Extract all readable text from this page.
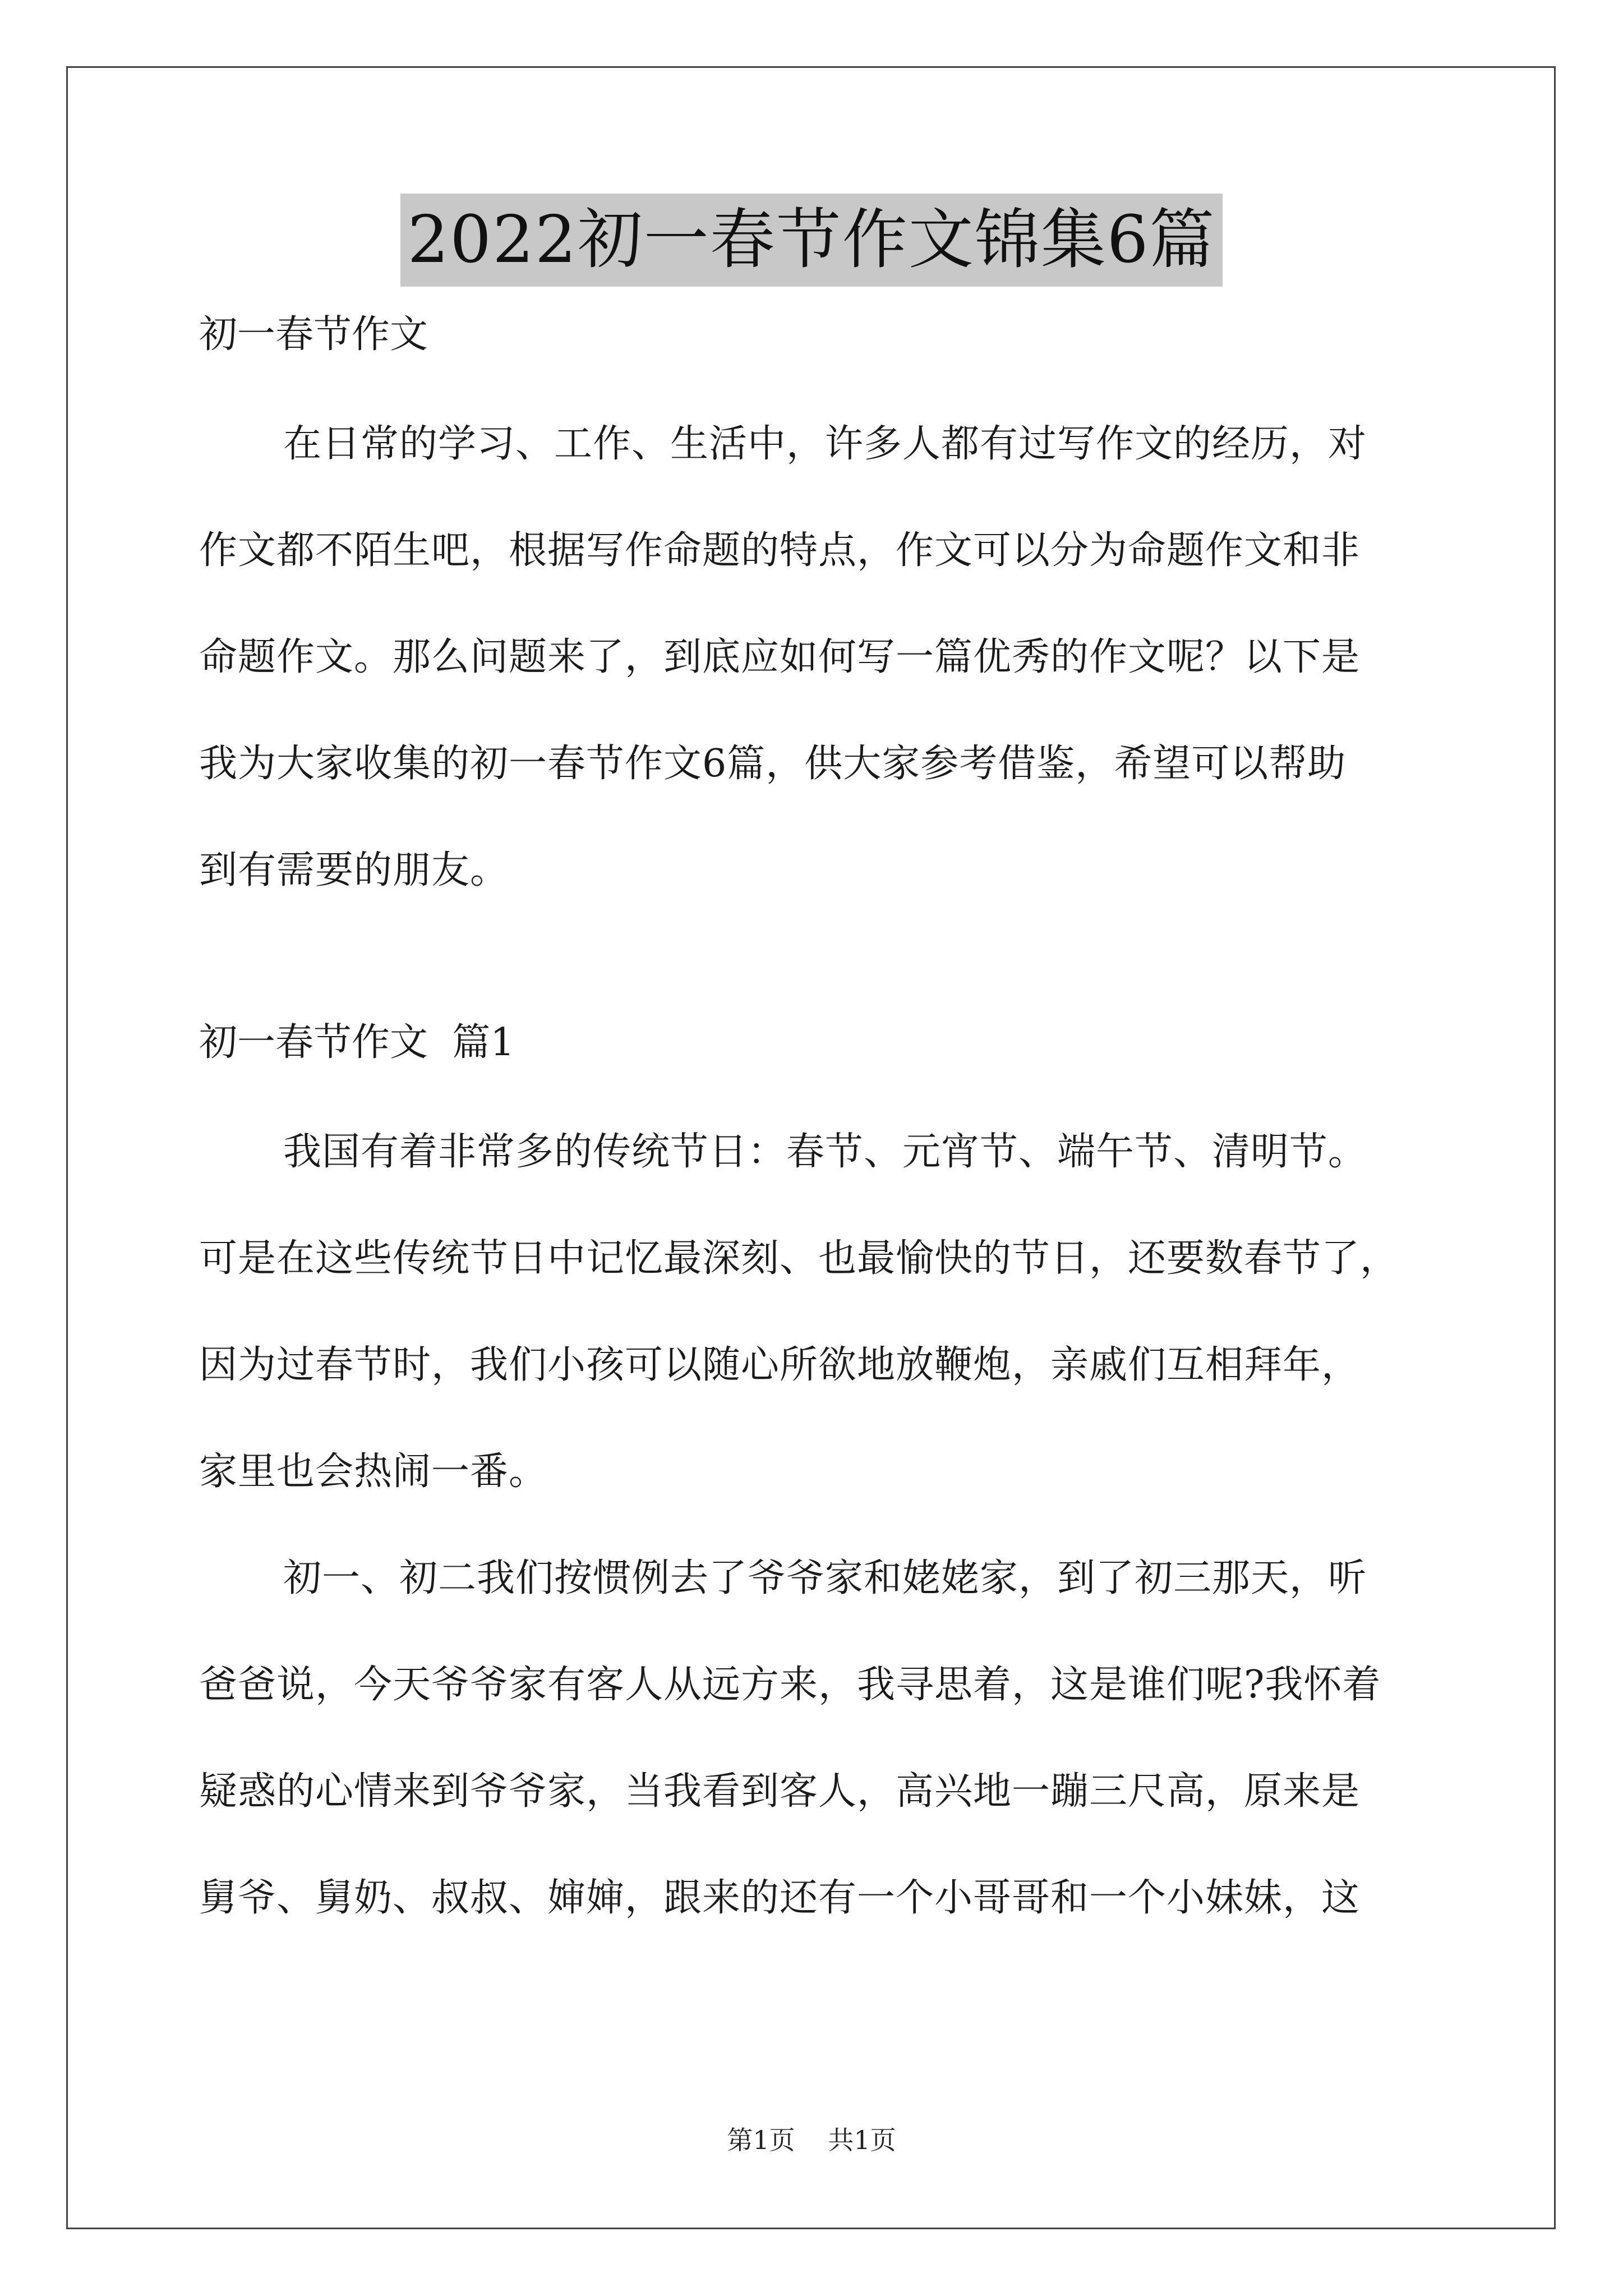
2022初一春节作文锦集6篇

初一春节作文

在日常的学习、工作、生活中，许多人都有过写作文的经历，对
作文都不陌生吧，根据写作命题的特点，作文可以分为命题作文和非
命题作文。那么问题来了，到底应如何写一篇优秀的作文呢？以下是
我为大家收集的初一春节作文6篇，供大家参考借鉴，希望可以帮助
到有需要的朋友。

初一春节作文  篇1

我国有着非常多的传统节日：春节、元宵节、端午节、清明节。
可是在这些传统节日中记忆最深刻、也最愉快的节日，还要数春节了，
因为过春节时，我们小孩可以随心所欲地放鞭炮，亲戚们互相拜年，
家里也会热闹一番。

初一、初二我们按惯例去了爷爷家和姥姥家，到了初三那天，听
爸爸说，今天爷爷家有客人从远方来，我寻思着，这是谁们呢?我怀着
疑惑的心情来到爷爷家，当我看到客人，高兴地一蹦三尺高，原来是
舅爷、舅奶、叔叔、婶婶，跟来的还有一个小哥哥和一个小妹妹，这

第1页 共1页
